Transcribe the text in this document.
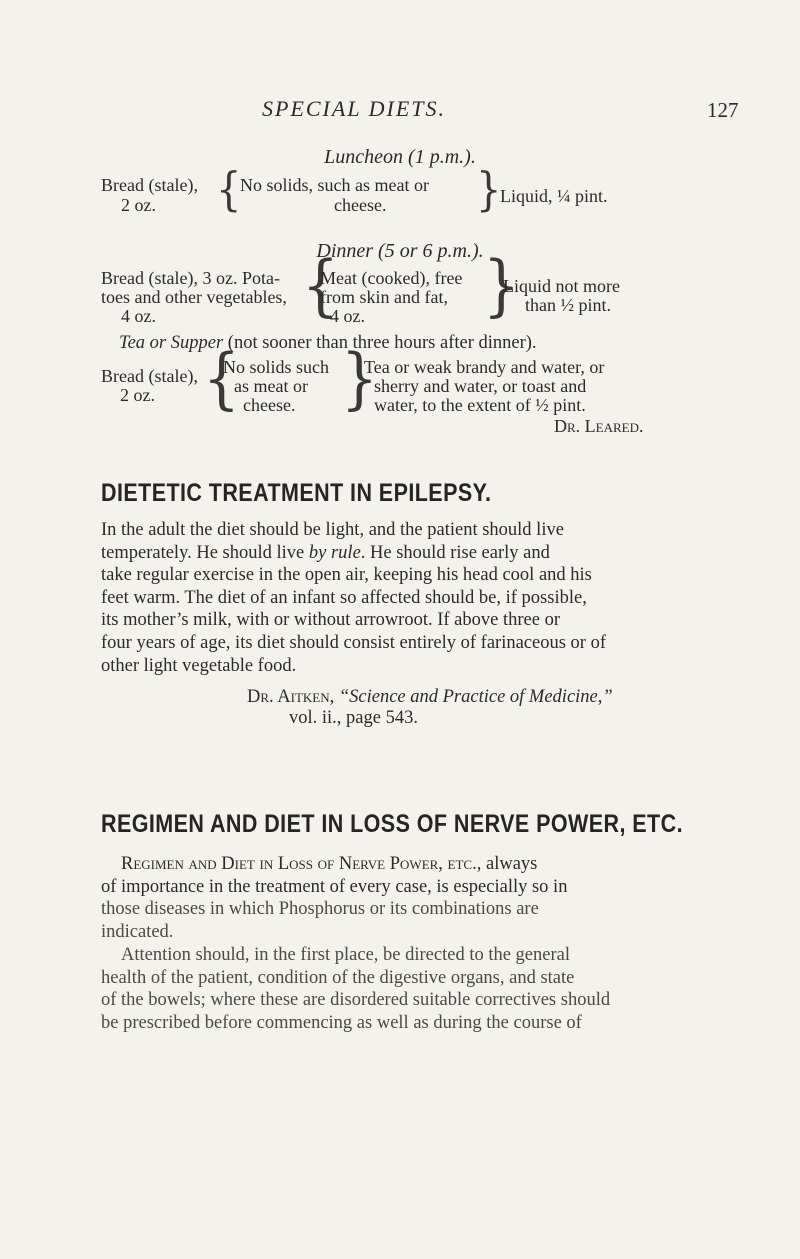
SPECIAL DIETS.	127
Luncheon (1 p.m.).
Bread (stale),
2 oz. {
No solids, such as meat or
cheese. }
Liquid, ¼ pint.
Dinner (5 or 6 p.m.).
Bread (stale), 3 oz. Pota-
toes and other vegetables,
4 oz.	{
Meat (cooked), free
from skin and fat,
4 oz. }
Liquid not more
than ½ pint.
Tea or Supper (not sooner than three hours after dinner).
Bread (stale),
2 oz. {
No solids such
as meat or
cheese. }
Tea or weak brandy and water, or
sherry and water, or toast and
water, to the extent of ½ pint.
Dr. Leared.
DIETETIC TREATMENT IN EPILEPSY.
In the adult the diet should be light, and the patient should live
temperately. He should live by rule. He should rise early and
take regular exercise in the open air, keeping his head cool and his
feet warm. The diet of an infant so affected should be, if possible,
its mother’s milk, with or without arrowroot. If above three or
four years of age, its diet should consist entirely of farinaceous or of
other light vegetable food.
Dr. Aitken, “Science and Practice of Medicine,”
vol. ii., page 543.
REGIMEN AND DIET IN LOSS OF NERVE POWER, ETC.
Regimen and Diet in Loss of Nerve Power, etc., always
of importance in the treatment of every case, is especially so in
those diseases in which Phosphorus or its combinations are
indicated.
Attention should, in the first place, be directed to the general
health of the patient, condition of the digestive organs, and state
of the bowels; where these are disordered suitable correctives should
be prescribed before commencing as well as during the course of
